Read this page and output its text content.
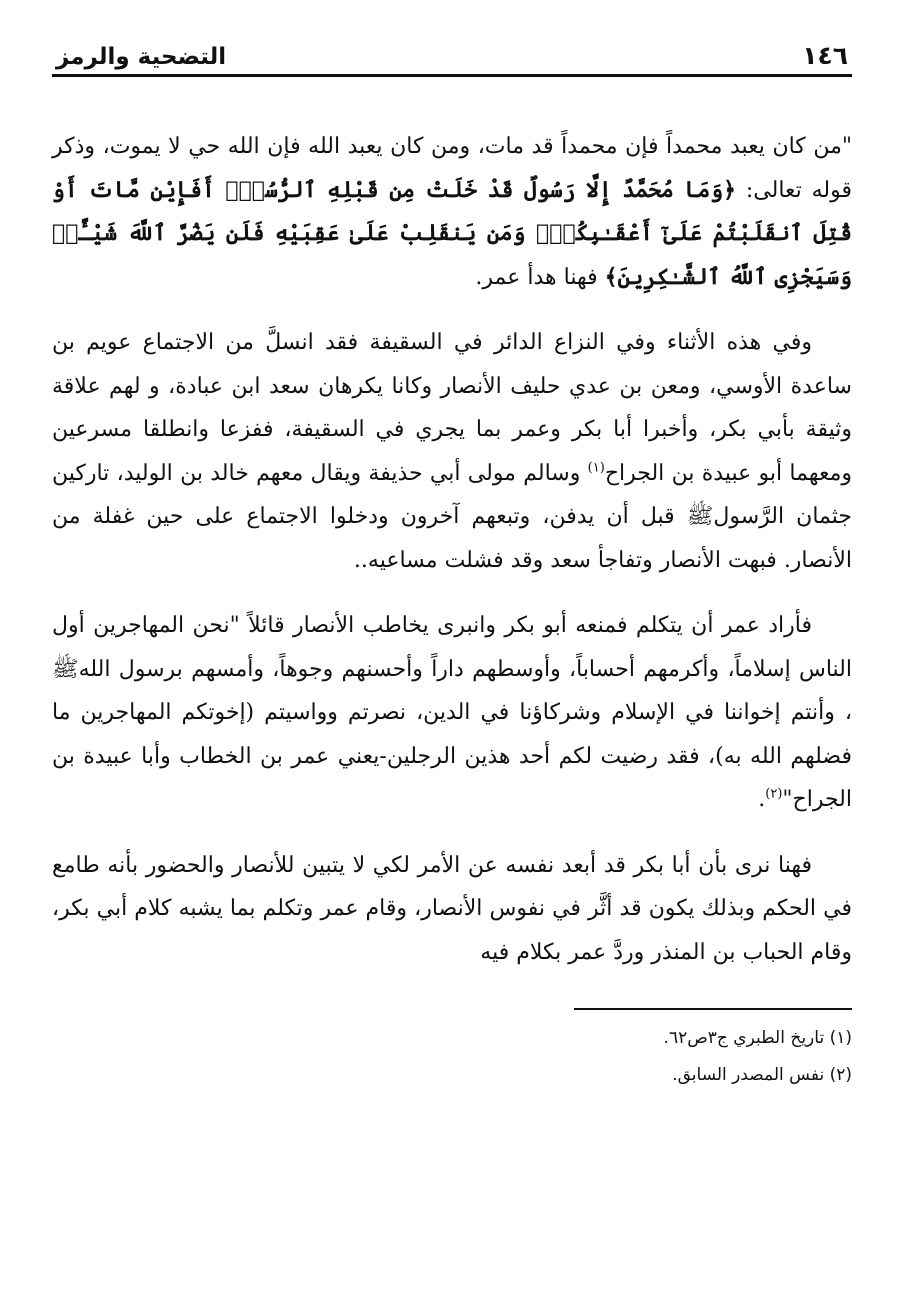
١٤٦
التضحية والرمز

"من كان يعبد محمداً فإن محمداً قد مات، ومن كان يعبد الله فإن الله حي لا يموت، وذكر قوله تعالى: ﴿وَمَا مُحَمَّدٌ إِلَّا رَسُولٌ قَدْ خَلَتْ مِن قَبْلِهِ ٱلرُّسُلُۚ أَفَإِيْن مَّاتَ أَوْ قُتِلَ ٱنقَلَبْتُمْ عَلَىٰٓ أَعْقَـٰبِكُمْۚ وَمَن يَنقَلِبْ عَلَىٰ عَقِبَيْهِ فَلَن يَضُرَّ ٱللَّهَ شَيْـًٔاۗ وَسَيَجْزِى ٱللَّهُ ٱلشَّـٰكِرِينَ﴾ فهنا هدأ عمر.

وفي هذه الأثناء وفي النزاع الدائر في السقيفة فقد انسلَّ من الاجتماع عويم بن ساعدة الأوسي، ومعن بن عدي حليف الأنصار وكانا يكرهان سعد ابن عبادة، و لهم علاقة وثيقة بأبي بكر، وأخبرا أبا بكر وعمر بما يجري في السقيفة، ففزعا وانطلقا مسرعين ومعهما أبو عبيدة بن الجراح$^{(١)}$ وسالم مولى أبي حذيفة ويقال معهم خالد بن الوليد، تاركين جثمان الرَّسولﷺ قبل أن يدفن، وتبعهم آخرون ودخلوا الاجتماع على حين غفلة من الأنصار. فبهت الأنصار وتفاجأ سعد وقد فشلت مساعيه..

فأراد عمر أن يتكلم فمنعه أبو بكر وانبرى يخاطب الأنصار قائلاً "نحن المهاجرين أول الناس إسلاماً، وأكرمهم أحساباً، وأوسطهم داراً وأحسنهم وجوهاً، وأمسهم برسول اللهﷺ ، وأنتم إخواننا في الإسلام وشركاؤنا في الدين، نصرتم وواسيتم (إخوتكم المهاجرين ما فضلهم الله به)، فقد رضيت لكم أحد هذين الرجلين-يعني عمر بن الخطاب وأبا عبيدة بن الجراح"$^{(٢)}$.

فهنا نرى بأن أبا بكر قد أبعد نفسه عن الأمر لكي لا يتبين للأنصار والحضور بأنه طامع في الحكم وبذلك يكون قد أثَّر في نفوس الأنصار، وقام عمر وتكلم بما يشبه كلام أبي بكر، وقام الحباب بن المنذر وردَّ عمر بكلام فيه

(١) تاريخ الطبري ج٣ص٦٢.

(٢) نفس المصدر السابق.
